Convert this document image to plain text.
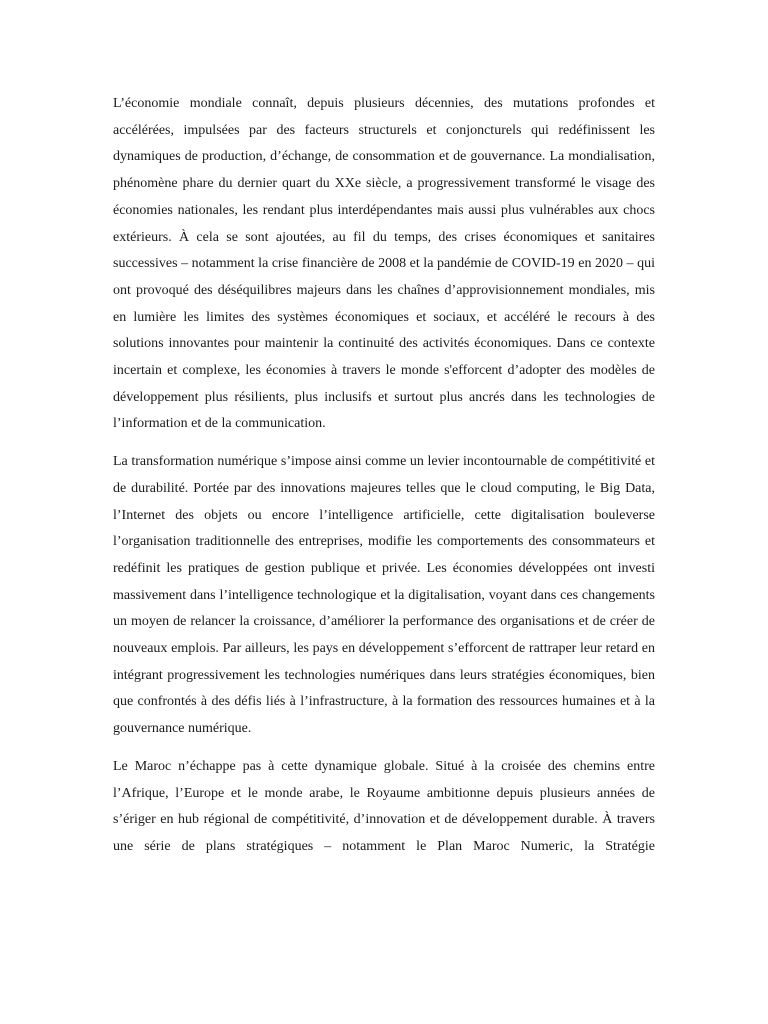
L’économie mondiale connaît, depuis plusieurs décennies, des mutations profondes et accélérées, impulsées par des facteurs structurels et conjoncturels qui redéfinissent les dynamiques de production, d’échange, de consommation et de gouvernance. La mondialisation, phénomène phare du dernier quart du XXe siècle, a progressivement transformé le visage des économies nationales, les rendant plus interdépendantes mais aussi plus vulnérables aux chocs extérieurs. À cela se sont ajoutées, au fil du temps, des crises économiques et sanitaires successives – notamment la crise financière de 2008 et la pandémie de COVID-19 en 2020 – qui ont provoqué des déséquilibres majeurs dans les chaînes d’approvisionnement mondiales, mis en lumière les limites des systèmes économiques et sociaux, et accéléré le recours à des solutions innovantes pour maintenir la continuité des activités économiques. Dans ce contexte incertain et complexe, les économies à travers le monde s'efforcent d’adopter des modèles de développement plus résilients, plus inclusifs et surtout plus ancrés dans les technologies de l’information et de la communication.

La transformation numérique s’impose ainsi comme un levier incontournable de compétitivité et de durabilité. Portée par des innovations majeures telles que le cloud computing, le Big Data, l’Internet des objets ou encore l’intelligence artificielle, cette digitalisation bouleverse l’organisation traditionnelle des entreprises, modifie les comportements des consommateurs et redéfinit les pratiques de gestion publique et privée. Les économies développées ont investi massivement dans l’intelligence technologique et la digitalisation, voyant dans ces changements un moyen de relancer la croissance, d’améliorer la performance des organisations et de créer de nouveaux emplois. Par ailleurs, les pays en développement s’efforcent de rattraper leur retard en intégrant progressivement les technologies numériques dans leurs stratégies économiques, bien que confrontés à des défis liés à l’infrastructure, à la formation des ressources humaines et à la gouvernance numérique.

Le Maroc n’échappe pas à cette dynamique globale. Situé à la croisée des chemins entre l’Afrique, l’Europe et le monde arabe, le Royaume ambitionne depuis plusieurs années de s’ériger en hub régional de compétitivité, d’innovation et de développement durable. À travers une série de plans stratégiques – notamment le Plan Maroc Numeric, la Stratégie
